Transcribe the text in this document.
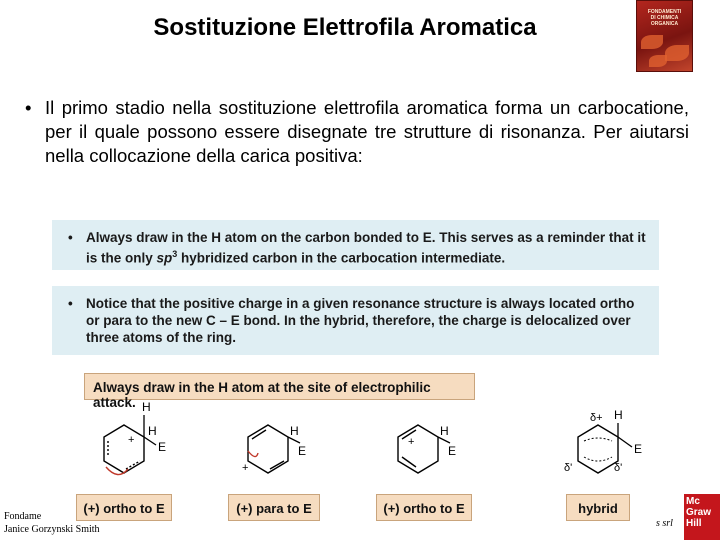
Sostituzione Elettrofila Aromatica
FONDAMENTI
DI CHIMICA
ORGANICA
• Il primo stadio nella sostituzione elettrofila aromatica forma un carbocatione, per il quale possono essere disegnate tre strutture di risonanza. Per aiutarsi nella collocazione della carica positiva:
• Always draw in the H atom on the carbon bonded to E. This serves as a reminder that it is the only $sp^3$ hybridized carbon in the carbocation intermediate.
• Notice that the positive charge in a given resonance structure is always located ortho or para to the new C – E bond. In the hybrid, therefore, the charge is delocalized over three atoms of the ring.
Always draw in the H atom at the site of electrophilic attack. H
H
E
+
H
E
+
H
E
+
H
E
δ+
δ'	δ'
(+) ortho to E	(+) para to E	(+) ortho to E	hybrid
Fondame
Janice Gorzynski Smith
s srl
Mc
Graw
Hill
